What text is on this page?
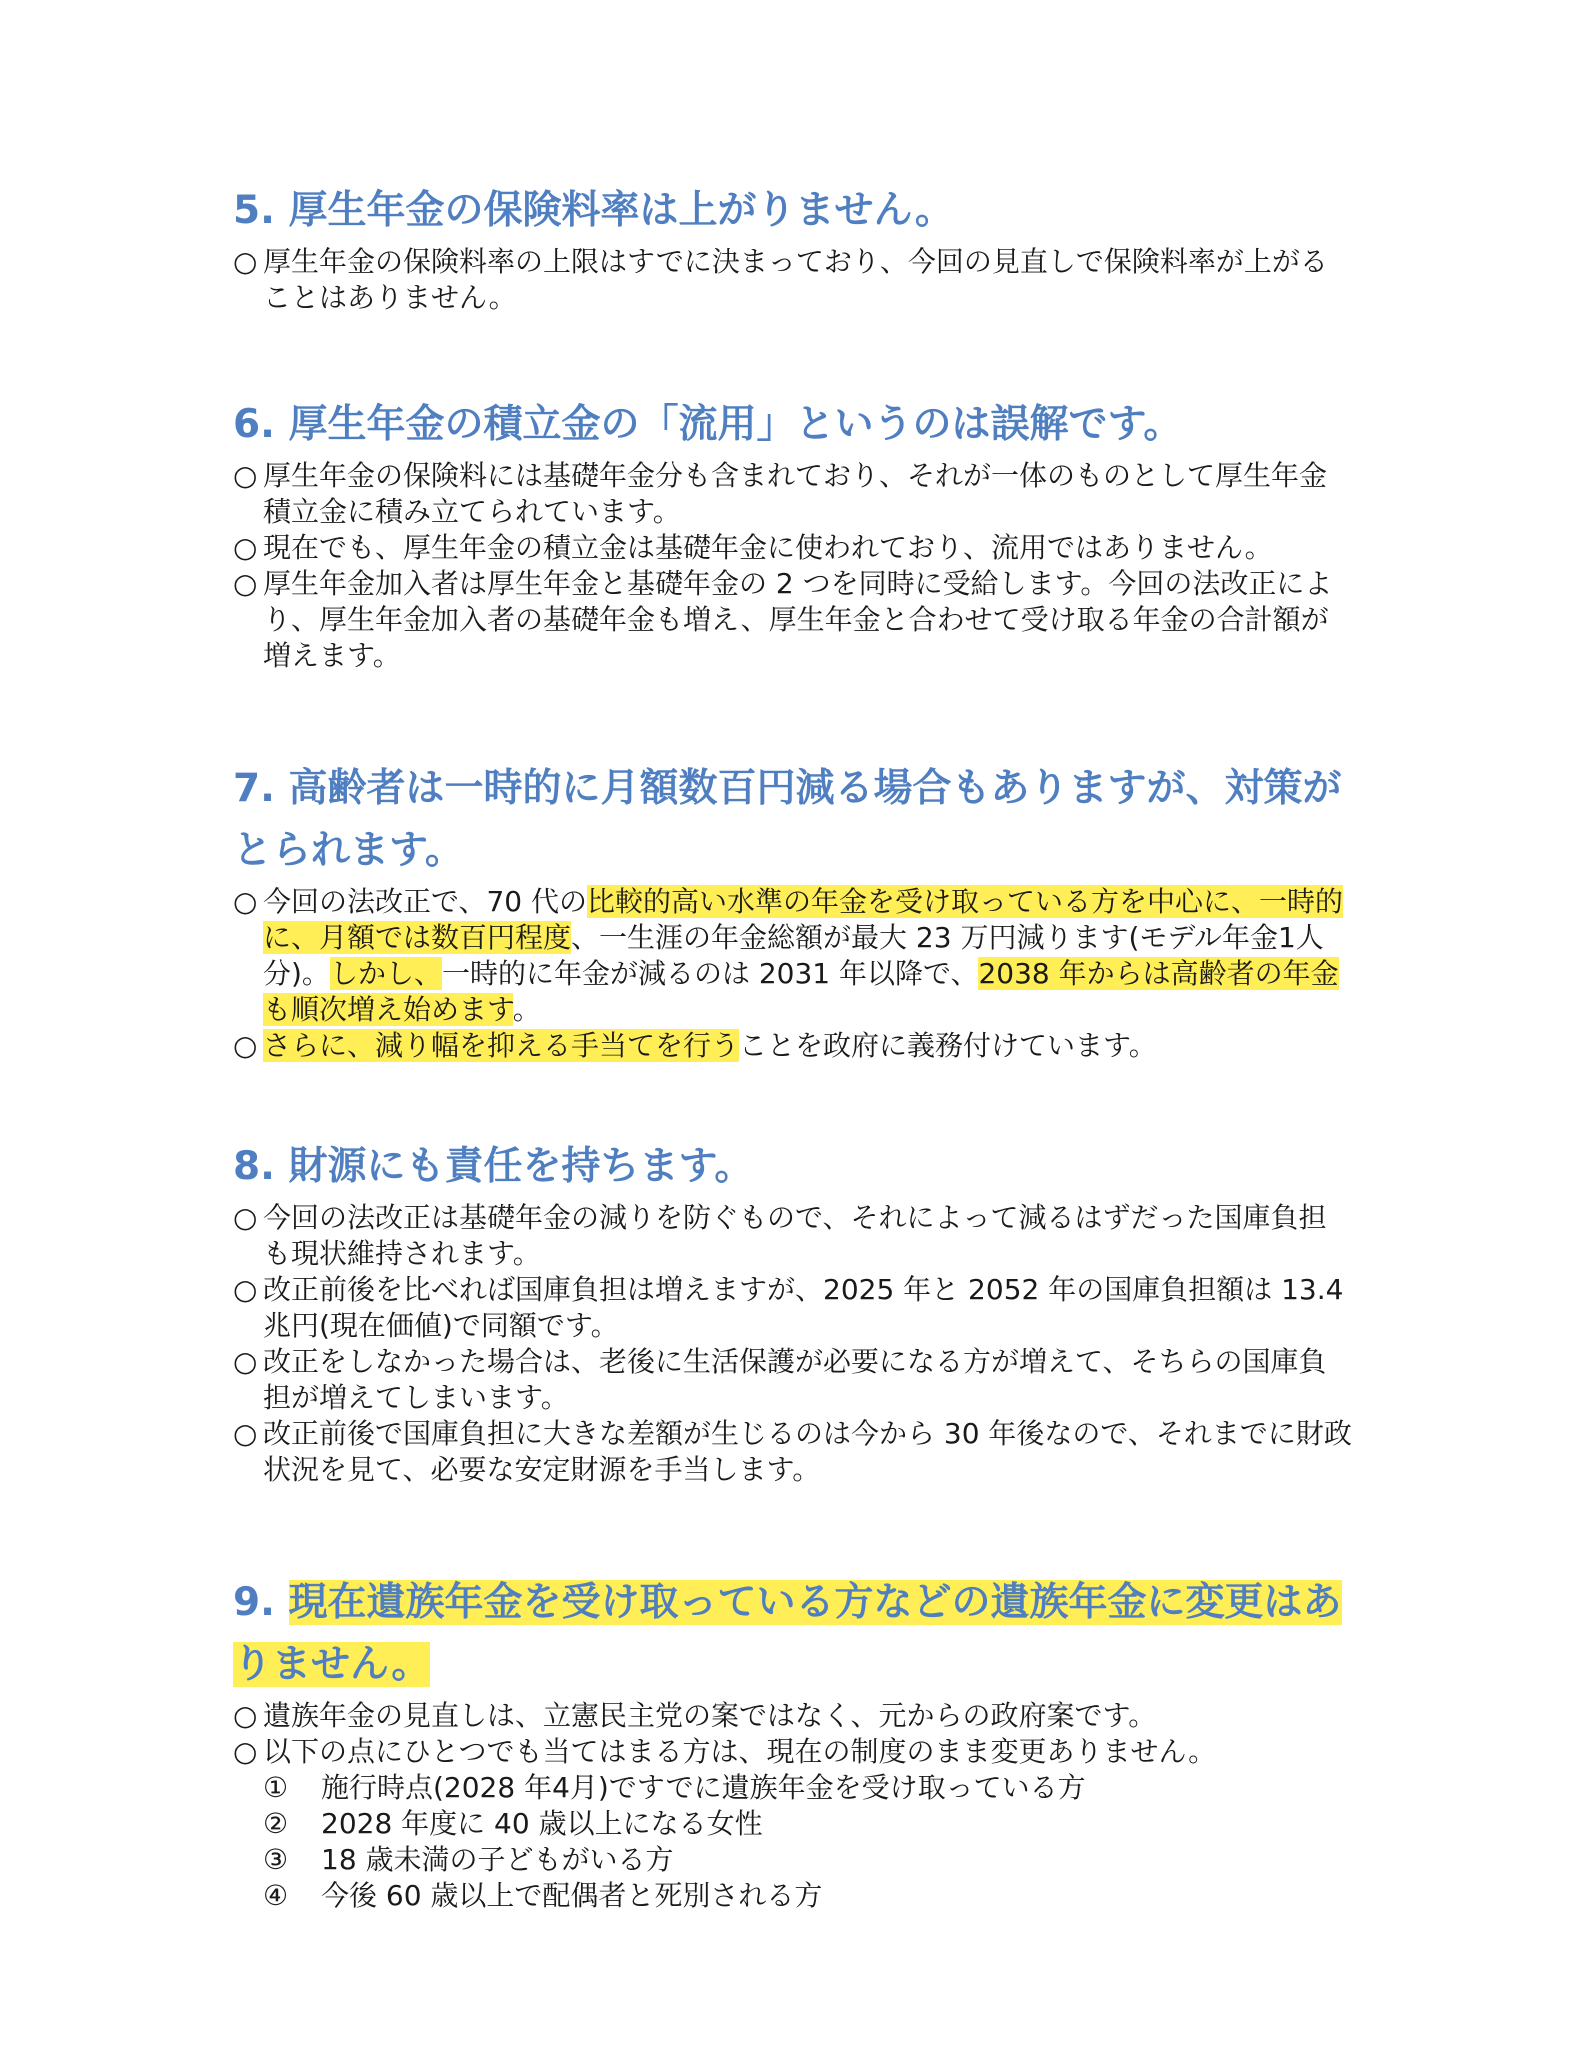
5. 厚生年金の保険料率は上がりません。

○ 厚生年金の保険料率の上限はすでに決まっており、今回の見直しで保険料率が上がることはありません。

6. 厚生年金の積立金の「流用」というのは誤解です。

○ 厚生年金の保険料には基礎年金分も含まれており、それが一体のものとして厚生年金積立金に積み立てられています。

○ 現在でも、厚生年金の積立金は基礎年金に使われており、流用ではありません。

○ 厚生年金加入者は厚生年金と基礎年金の 2 つを同時に受給します。今回の法改正により、厚生年金加入者の基礎年金も増え、厚生年金と合わせて受け取る年金の合計額が増えます。

7. 高齢者は一時的に月額数百円減る場合もありますが、対策がとられます。

○ 今回の法改正で、70 代の比較的高い水準の年金を受け取っている方を中心に、一時的に、月額では数百円程度、一生涯の年金総額が最大 23 万円減ります(モデル年金1人分)。しかし、一時的に年金が減るのは 2031 年以降で、2038 年からは高齢者の年金も順次増え始めます。

○ さらに、減り幅を抑える手当てを行うことを政府に義務付けています。

8. 財源にも責任を持ちます。

○ 今回の法改正は基礎年金の減りを防ぐもので、それによって減るはずだった国庫負担も現状維持されます。

○ 改正前後を比べれば国庫負担は増えますが、2025 年と 2052 年の国庫負担額は 13.4 兆円(現在価値)で同額です。

○ 改正をしなかった場合は、老後に生活保護が必要になる方が増えて、そちらの国庫負担が増えてしまいます。

○ 改正前後で国庫負担に大きな差額が生じるのは今から 30 年後なので、それまでに財政状況を見て、必要な安定財源を手当します。

9. 現在遺族年金を受け取っている方などの遺族年金に変更はありません。

○ 遺族年金の見直しは、立憲民主党の案ではなく、元からの政府案です。

○ 以下の点にひとつでも当てはまる方は、現在の制度のまま変更ありません。

① 施行時点(2028 年4月)ですでに遺族年金を受け取っている方
② 2028 年度に 40 歳以上になる女性
③ 18 歳未満の子どもがいる方
④ 今後 60 歳以上で配偶者と死別される方
